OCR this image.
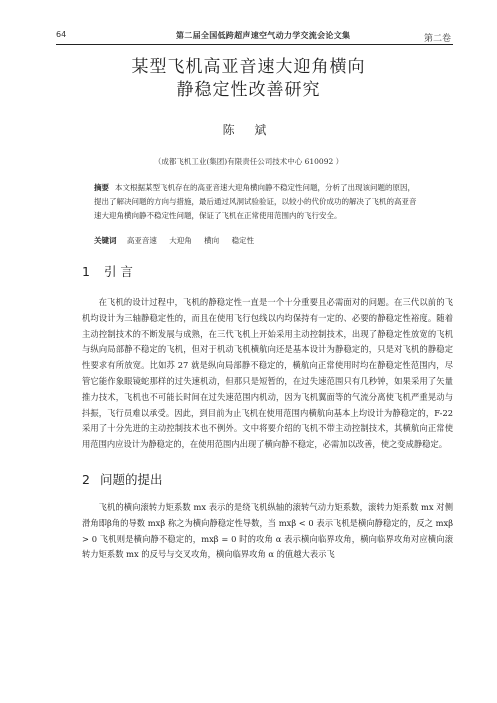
64	第二届全国低跨超声速空气动力学交流会论文集	第二卷
某型飞机高亚音速大迎角横向
静稳定性改善研究
陈 斌
（成都飞机工业(集团)有限责任公司技术中心 610092 ）
摘要 本文根据某型飞机存在的高亚音速大迎角横向静不稳定性问题，分析了出现该问题的原因，提出了解决问题的方向与措施，最后通过风洞试验验证，以较小的代价成功的解决了飞机的高亚音速大迎角横向静不稳定性问题，保证了飞机在正常使用范围内的飞行安全。
关键词 高亚音速 大迎角 横向 稳定性
1 引 言
在飞机的设计过程中，飞机的静稳定性一直是一个十分重要且必需面对的问题。在三代以前的飞机均设计为三轴静稳定性的，而且在使用飞行包线以内均保持有一定的、必要的静稳定性裕度。随着主动控制技术的不断发展与成熟，在三代飞机上开始采用主动控制技术，出现了静稳定性放宽的飞机与纵向局部静不稳定的飞机，但对于机动飞机横航向还是基本设计为静稳定的，只是对飞机的静稳定性要求有所放宽。比如苏 27 就是纵向局部静不稳定的，横航向正常使用时均在静稳定性范围内，尽管它能作象眼镜蛇那样的过失速机动，但那只是短暂的，在过失速范围只有几秒钟，如果采用了矢量推力技术，飞机也不可能长时间在过失速范围内机动，因为飞机翼面等的气流分离使飞机严重晃动与抖振，飞行员难以承受。因此，到目前为止飞机在使用范围内横航向基本上均设计为静稳定的，F-22 采用了十分先进的主动控制技术也不例外。文中将要介绍的飞机不带主动控制技术，其横航向正常使用范围内应设计为静稳定的，在使用范围内出现了横向静不稳定，必需加以改善，使之变成静稳定。
2 问题的提出
飞机的横向滚转力矩系数 mx 表示的是绕飞机纵轴的滚转气动力矩系数，滚转力矩系数 mx 对侧滑角即β角的导数 mxβ 称之为横向静稳定性导数，当 mxβ < 0 表示飞机是横向静稳定的，反之 mxβ > 0 飞机则是横向静不稳定的，mxβ = 0 时的攻角 α 表示横向临界攻角，横向临界攻角对应横向滚转力矩系数 mx 的反号与交叉攻角，横向临界攻角 α 的值越大表示飞
